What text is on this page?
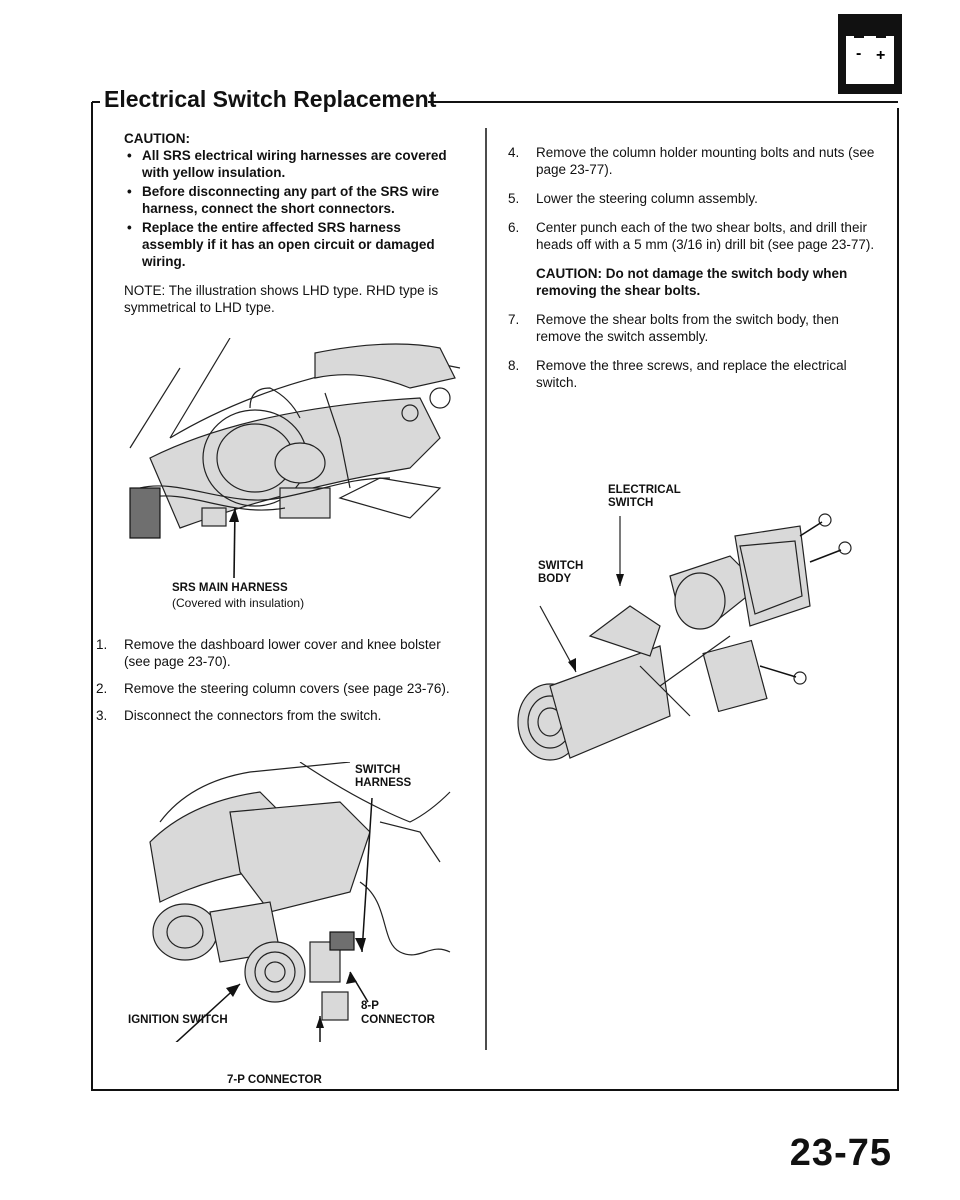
- +
Electrical Switch Replacement
CAUTION:
• All SRS electrical wiring harnesses are covered with yellow insulation.
• Before disconnecting any part of the SRS wire harness, connect the short connectors.
• Replace the entire affected SRS harness assembly if it has an open circuit or damaged wiring.
NOTE: The illustration shows LHD type. RHD type is symmetrical to LHD type.
SRS MAIN HARNESS
(Covered with insulation)
1. Remove the dashboard lower cover and knee bolster (see page 23-70).
2. Remove the steering column covers (see page 23-76).
3. Disconnect the connectors from the switch.
SWITCH
HARNESS
IGNITION SWITCH
8-P
CONNECTOR
7-P CONNECTOR
4. Remove the column holder mounting bolts and nuts (see page 23-77).
5. Lower the steering column assembly.
6. Center punch each of the two shear bolts, and drill their heads off with a 5 mm (3/16 in) drill bit (see page 23-77).
CAUTION: Do not damage the switch body when removing the shear bolts.
7. Remove the shear bolts from the switch body, then remove the switch assembly.
8. Remove the three screws, and replace the electrical switch.
ELECTRICAL
SWITCH
SWITCH
BODY
23-75
